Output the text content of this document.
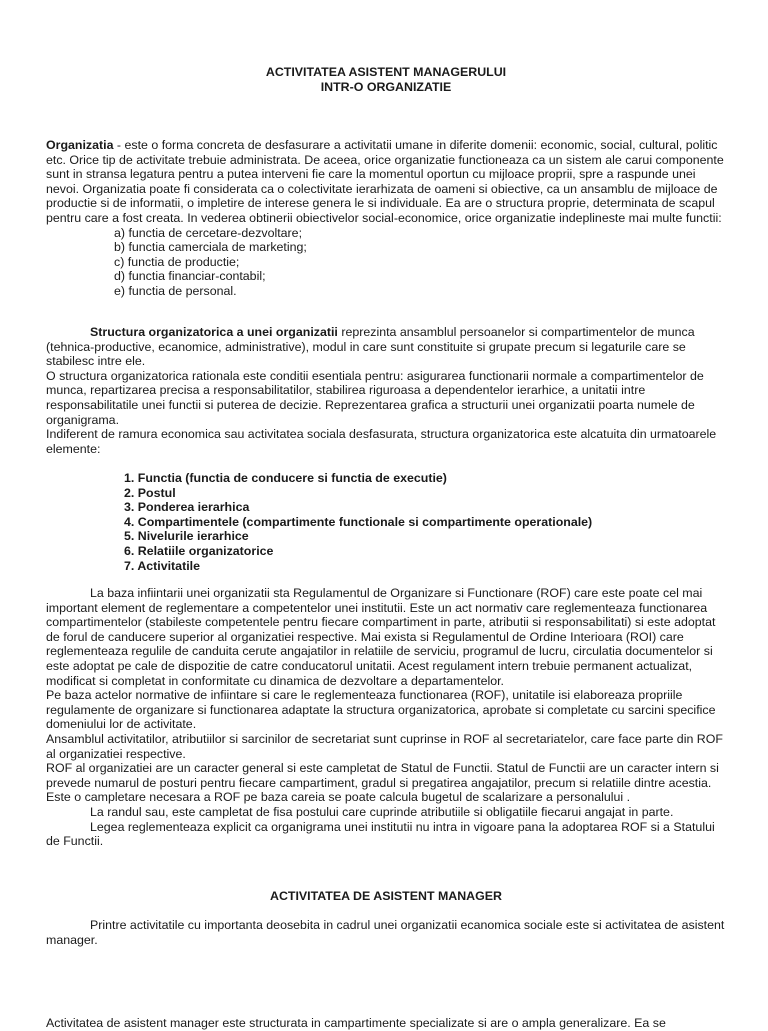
ACTIVITATEA ASISTENT MANAGERULUI
INTR-O ORGANIZATIE

Organizatia - este o forma concreta de desfasurare a activitatii umane in diferite domenii: economic, social, cultural, politic etc. Orice tip de activitate trebuie administrata. De aceea, orice organizatie functioneaza ca un sistem ale carui componente sunt in stransa legatura pentru a putea interveni fie care la momentul oportun cu mijloace proprii, spre a raspunde unei nevoi. Organizatia poate fi considerata ca o colectivitate ierarhizata de oameni si obiective, ca un ansamblu de mijloace de productie si de informatii, o impletire de interese genera le si individuale. Ea are o structura proprie, determinata de scapul pentru care a fost creata. In vederea obtinerii obiectivelor social-economice, orice organizatie indeplineste mai multe functii:

a) functia de cercetare-dezvoltare;
b) functia camerciala de marketing;
c) functia de productie;
d) functia financiar-contabil;
e) functia de personal.

Structura organizatorica a unei organizatii reprezinta ansamblul persoanelor si compartimentelor de munca (tehnica-productive, ecanomice, administrative), modul in care sunt constituite si grupate precum si legaturile care se stabilesc intre ele.

O structura organizatorica rationala este conditii esentiala pentru: asigurarea functionarii normale a compartimentelor de munca, repartizarea precisa a responsabilitatilor, stabilirea riguroasa a dependentelor ierarhice, a unitatii intre responsabilitatile unei functii si puterea de decizie. Reprezentarea grafica a structurii unei organizatii poarta numele de organigrama.

Indiferent de ramura economica sau activitatea sociala desfasurata, structura organizatorica este alcatuita din urmatoarele elemente:

1. Functia (functia de conducere si functia de executie)
2. Postul
3. Ponderea ierarhica
4. Compartimentele (compartimente functionale si compartimente operationale)
5. Nivelurile ierarhice
6. Relatiile organizatorice
7. Activitatile

La baza infiintarii unei organizatii sta Regulamentul de Organizare si Functionare (ROF) care este poate cel mai important element de reglementare a competentelor unei institutii. Este un act normativ care reglementeaza functionarea compartimentelor (stabileste competentele pentru fiecare compartiment in parte, atributii si responsabilitati) si este adoptat de forul de canducere superior al organizatiei respective. Mai exista si Regulamentul de Ordine Interioara (ROI) care reglementeaza regulile de canduita cerute angajatilor in relatiile de serviciu, programul de lucru, circulatia documentelor si este adoptat pe cale de dispozitie de catre conducatorul unitatii. Acest regulament intern trebuie permanent actualizat, modificat si completat in conformitate cu dinamica de dezvoltare a departamentelor.

Pe baza actelor normative de infiintare si care le reglementeaza functionarea (ROF), unitatile isi elaboreaza propriile regulamente de organizare si functionarea adaptate la structura organizatorica, aprobate si completate cu sarcini specifice domeniului lor de activitate.

Ansamblul activitatilor, atributiilor si sarcinilor de secretariat sunt cuprinse in ROF al secretariatelor, care face parte din ROF al organizatiei respective.

ROF al organizatiei are un caracter general si este campletat de Statul de Functii. Statul de Functii are un caracter intern si prevede numarul de posturi pentru fiecare campartiment, gradul si pregatirea angajatilor, precum si relatiile dintre acestia. Este o campletare necesara a ROF pe baza careia se poate calcula bugetul de scalarizare a personalului .

La randul sau, este campletat de fisa postului care cuprinde atributiile si obligatiile fiecarui angajat in parte.

Legea reglementeaza explicit ca organigrama unei institutii nu intra in vigoare pana la adoptarea ROF si a Statului de Functii.

ACTIVITATEA DE ASISTENT MANAGER

Printre activitatile cu importanta deosebita in cadrul unei organizatii ecanomica sociale este si activitatea de asistent manager.

Activitatea de asistent manager este structurata in campartimente specializate si are o ampla generalizare. Ea se
